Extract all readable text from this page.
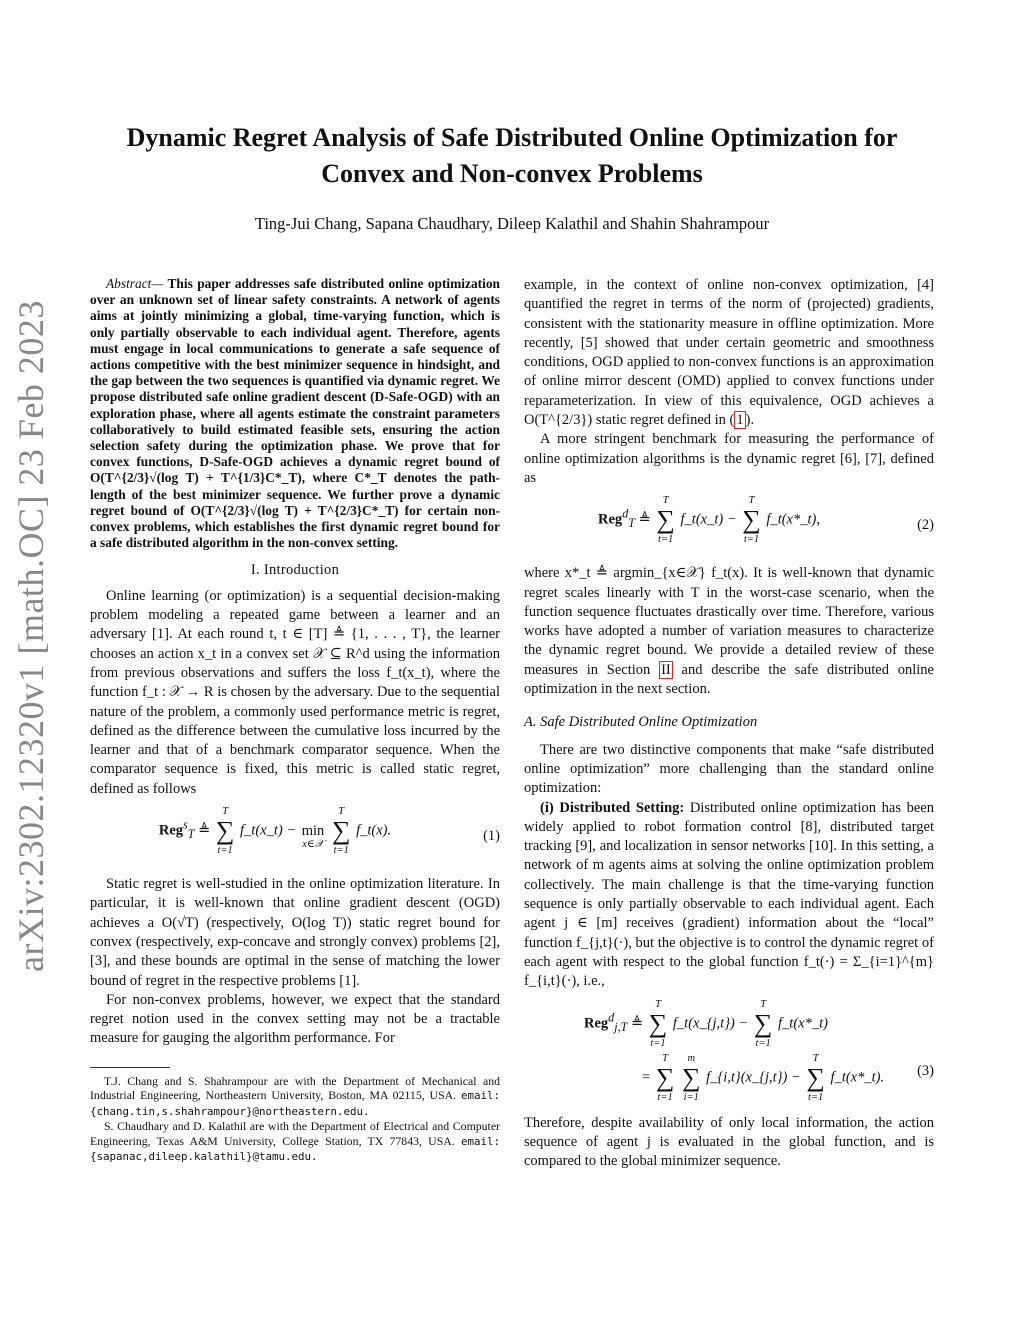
arXiv:2302.12320v1 [math.OC] 23 Feb 2023
Dynamic Regret Analysis of Safe Distributed Online Optimization for
Convex and Non-convex Problems
Ting-Jui Chang, Sapana Chaudhary, Dileep Kalathil and Shahin Shahrampour

Abstract— This paper addresses safe distributed online optimization over an unknown set of linear safety constraints. A network of agents aims at jointly minimizing a global, time-varying function, which is only partially observable to each individual agent. Therefore, agents must engage in local communications to generate a safe sequence of actions competitive with the best minimizer sequence in hindsight, and the gap between the two sequences is quantified via dynamic regret. We propose distributed safe online gradient descent (D-Safe-OGD) with an exploration phase, where all agents estimate the constraint parameters collaboratively to build estimated feasible sets, ensuring the action selection safety during the optimization phase. We prove that for convex functions, D-Safe-OGD achieves a dynamic regret bound of O(T^{2/3}√(log T) + T^{1/3}C*_T), where C*_T denotes the path-length of the best minimizer sequence. We further prove a dynamic regret bound of O(T^{2/3}√(log T) + T^{2/3}C*_T) for certain non-convex problems, which establishes the first dynamic regret bound for a safe distributed algorithm in the non-convex setting.

I. Introduction

Online learning (or optimization) is a sequential decision-making problem modeling a repeated game between a learner and an adversary [1]. At each round t, t ∈ [T] ≜ {1, . . . , T}, the learner chooses an action x_t in a convex set 𝒳 ⊆ R^d using the information from previous observations and suffers the loss f_t(x_t), where the function f_t : 𝒳 → R is chosen by the adversary. Due to the sequential nature of the problem, a commonly used performance metric is regret, defined as the difference between the cumulative loss incurred by the learner and that of a benchmark comparator sequence. When the comparator sequence is fixed, this metric is called static regret, defined as follows

Reg$^s_T$ ≜
T
∑
t=1
f_t(x_t) −
min
x∈𝒳

T
∑
t=1
f_t(x).	(1)

Static regret is well-studied in the online optimization literature. In particular, it is well-known that online gradient descent (OGD) achieves a O(√T) (respectively, O(log T)) static regret bound for convex (respectively, exp-concave and strongly convex) problems [2], [3], and these bounds are optimal in the sense of matching the lower bound of regret in the respective problems [1].

For non-convex problems, however, we expect that the standard regret notion used in the convex setting may not be a tractable measure for gauging the algorithm performance. For

T.J. Chang and S. Shahrampour are with the Department of Mechanical and Industrial Engineering, Northeastern University, Boston, MA 02115, USA. email:{chang.tin,s.shahrampour}@northeastern.edu.

S. Chaudhary and D. Kalathil are with the Department of Electrical and Computer Engineering, Texas A&M University, College Station, TX 77843, USA. email:{sapanac,dileep.kalathil}@tamu.edu.

example, in the context of online non-convex optimization, [4] quantified the regret in terms of the norm of (projected) gradients, consistent with the stationarity measure in offline optimization. More recently, [5] showed that under certain geometric and smoothness conditions, OGD applied to non-convex functions is an approximation of online mirror descent (OMD) applied to convex functions under reparameterization. In view of this equivalence, OGD achieves a O(T^{2/3}) static regret defined in ( 1 ).

A more stringent benchmark for measuring the performance of online optimization algorithms is the dynamic regret [6], [7], defined as

Reg$^d_T$ ≜
T
∑
t=1
f_t(x_t) −
T
∑
t=1
f_t(x*_t),	(2)

where x*_t ≜ argmin_{x∈𝒳} f_t(x). It is well-known that dynamic regret scales linearly with T in the worst-case scenario, when the function sequence fluctuates drastically over time. Therefore, various works have adopted a number of variation measures to characterize the dynamic regret bound. We provide a detailed review of these measures in Section II and describe the safe distributed online optimization in the next section.

A. Safe Distributed Online Optimization

There are two distinctive components that make “safe distributed online optimization” more challenging than the standard online optimization:

(i) Distributed Setting: Distributed online optimization has been widely applied to robot formation control [8], distributed target tracking [9], and localization in sensor networks [10]. In this setting, a network of m agents aims at solving the online optimization problem collectively. The main challenge is that the time-varying function sequence is only partially observable to each individual agent. Each agent j ∈ [m] receives (gradient) information about the “local” function f_{j,t}(·), but the objective is to control the dynamic regret of each agent with respect to the global function f_t(·) = Σ_{i=1}^{m} f_{i,t}(·), i.e.,

Reg$^d_{j,T}$ ≜
T
∑
t=1
f_t(x_{j,t}) −
T
∑
t=1
f_t(x*_t)
=
T
∑
t=1

m
∑
i=1
f_{i,t}(x_{j,t}) −
T
∑
t=1
f_t(x*_t).	(3)

Therefore, despite availability of only local information, the action sequence of agent j is evaluated in the global function, and is compared to the global minimizer sequence.
